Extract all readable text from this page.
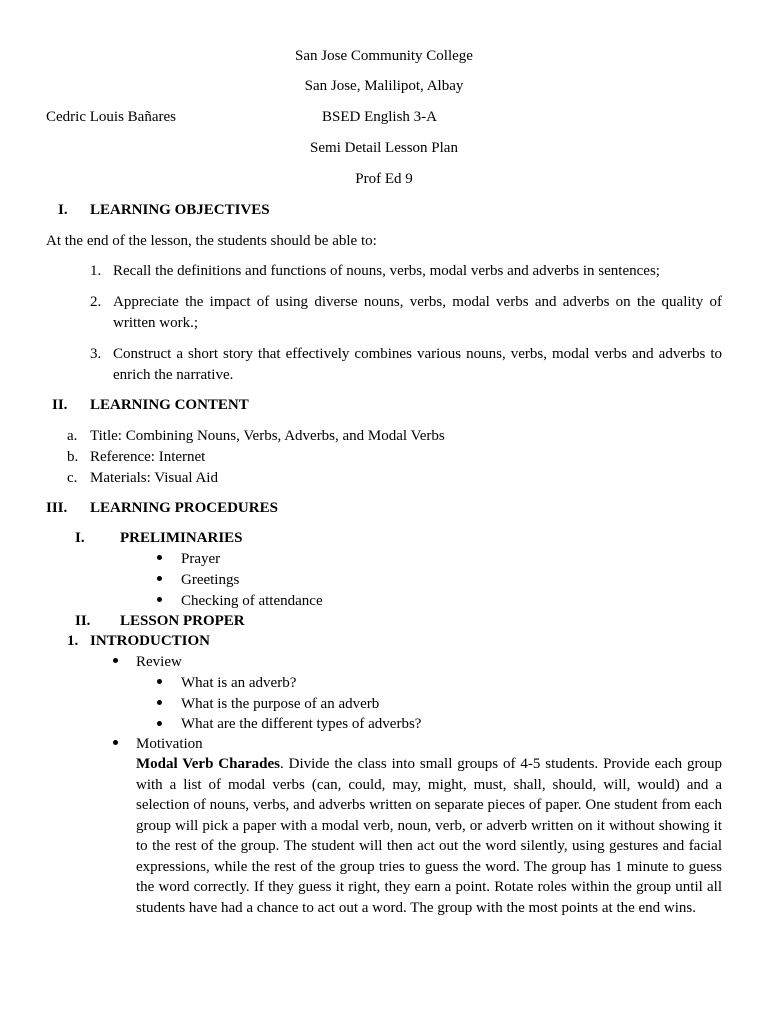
San Jose Community College
San Jose, Malilipot, Albay
Cedric Louis Bañares	BSED English 3-A
Semi Detail Lesson Plan
Prof Ed 9
I. LEARNING OBJECTIVES
At the end of the lesson, the students should be able to:
1. Recall the definitions and functions of nouns, verbs, modal verbs and adverbs in sentences;
2. Appreciate the impact of using diverse nouns, verbs, modal verbs and adverbs on the quality of written work.;
3. Construct a short story that effectively combines various nouns, verbs, modal verbs and adverbs to enrich the narrative.
II. LEARNING CONTENT
a. Title: Combining Nouns, Verbs, Adverbs, and Modal Verbs
b. Reference: Internet
c. Materials: Visual Aid
III. LEARNING PROCEDURES
I. PRELIMINARIES
Prayer
Greetings
Checking of attendance
II. LESSON PROPER
1. INTRODUCTION
Review
What is an adverb?
What is the purpose of an adverb
What are the different types of adverbs?
Motivation
Modal Verb Charades. Divide the class into small groups of 4-5 students. Provide each group with a list of modal verbs (can, could, may, might, must, shall, should, will, would) and a selection of nouns, verbs, and adverbs written on separate pieces of paper. One student from each group will pick a paper with a modal verb, noun, verb, or adverb written on it without showing it to the rest of the group. The student will then act out the word silently, using gestures and facial expressions, while the rest of the group tries to guess the word. The group has 1 minute to guess the word correctly. If they guess it right, they earn a point. Rotate roles within the group until all students have had a chance to act out a word. The group with the most points at the end wins.
